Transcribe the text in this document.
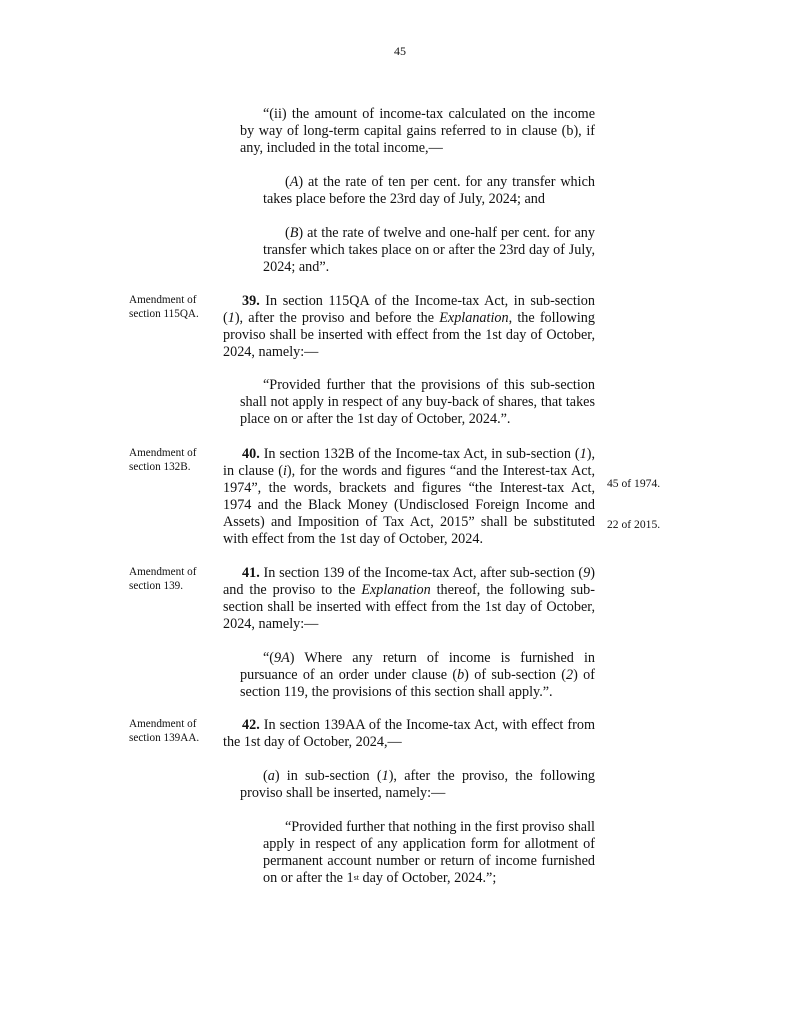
45

“(ii) the amount of income-tax calculated on the income by way of long-term capital gains referred to in clause (b), if any, included in the total income,—

(A) at the rate of ten per cent. for any transfer which takes place before the 23rd day of July, 2024; and

(B) at the rate of twelve and one-half per cent. for any transfer which takes place on or after the 23rd day of July, 2024; and”.

Amendment of
section 115QA.

39. In section 115QA of the Income-tax Act, in sub-section (1), after the proviso and before the Explanation, the following proviso shall be inserted with effect from the 1st day of October, 2024, namely:—

“Provided further that the provisions of this sub-section shall not apply in respect of any buy-back of shares, that takes place on or after the 1st day of October, 2024.”.

Amendment of
section 132B.

40. In section 132B of the Income-tax Act, in sub-section (1), in clause (i), for the words and figures “and the Interest-tax Act, 1974”, the words, brackets and figures “the Interest-tax Act, 1974 and the Black Money (Undisclosed Foreign Income and Assets) and Imposition of Tax Act, 2015” shall be substituted with effect from the 1st day of October, 2024.

45 of 1974.
22 of 2015.
Amendment of
section 139.

41. In section 139 of the Income-tax Act, after sub-section (9) and the proviso to the Explanation thereof, the following sub-section shall be inserted with effect from the 1st day of October, 2024, namely:—

“(9A) Where any return of income is furnished in pursuance of an order under clause (b) of sub-section (2) of section 119, the provisions of this section shall apply.”.

Amendment of
section 139AA.

42. In section 139AA of the Income-tax Act, with effect from the 1st day of October, 2024,—

(a) in sub-section (1), after the proviso, the following proviso shall be inserted, namely:—

“Provided further that nothing in the first proviso shall apply in respect of any application form for allotment of permanent account number or return of income furnished on or after the 1st day of October, 2024.”;
